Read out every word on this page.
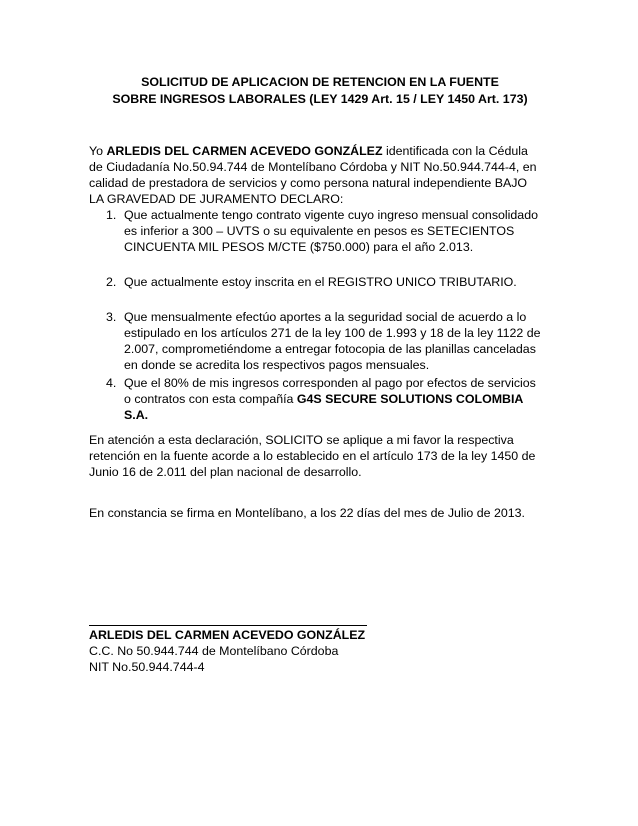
SOLICITUD DE APLICACION DE RETENCION EN LA FUENTE
SOBRE INGRESOS LABORALES (LEY 1429 Art. 15 / LEY 1450 Art. 173)
Yo ARLEDIS DEL CARMEN ACEVEDO GONZÁLEZ identificada con la Cédula
de Ciudadanía No.50.94.744 de Montelíbano Córdoba y NIT No.50.944.744-4, en
calidad de prestadora de servicios y como persona natural independiente BAJO
LA GRAVEDAD DE JURAMENTO DECLARO:
1. Que actualmente tengo contrato vigente cuyo ingreso mensual consolidado
es inferior a 300 – UVTS o su equivalente en pesos es SETECIENTOS
CINCUENTA MIL PESOS M/CTE ($750.000) para el año 2.013.
2. Que actualmente estoy inscrita en el REGISTRO UNICO TRIBUTARIO.
3. Que mensualmente efectúo aportes a la seguridad social de acuerdo a lo
estipulado en los artículos 271 de la ley 100 de 1.993 y 18 de la ley 1122 de
2.007, comprometiéndome a entregar fotocopia de las planillas canceladas
en donde se acredita los respectivos pagos mensuales.
4. Que el 80% de mis ingresos corresponden al pago por efectos de servicios
o contratos con esta compañía G4S SECURE SOLUTIONS COLOMBIA
S.A.
En atención a esta declaración, SOLICITO se aplique a mi favor la respectiva
retención en la fuente acorde a lo establecido en el artículo 173 de la ley 1450 de
Junio 16 de 2.011 del plan nacional de desarrollo.
En constancia se firma en Montelíbano, a los 22 días del mes de Julio de 2013.
ARLEDIS DEL CARMEN ACEVEDO GONZÁLEZ
C.C. No 50.944.744 de Montelíbano Córdoba
NIT No.50.944.744-4
